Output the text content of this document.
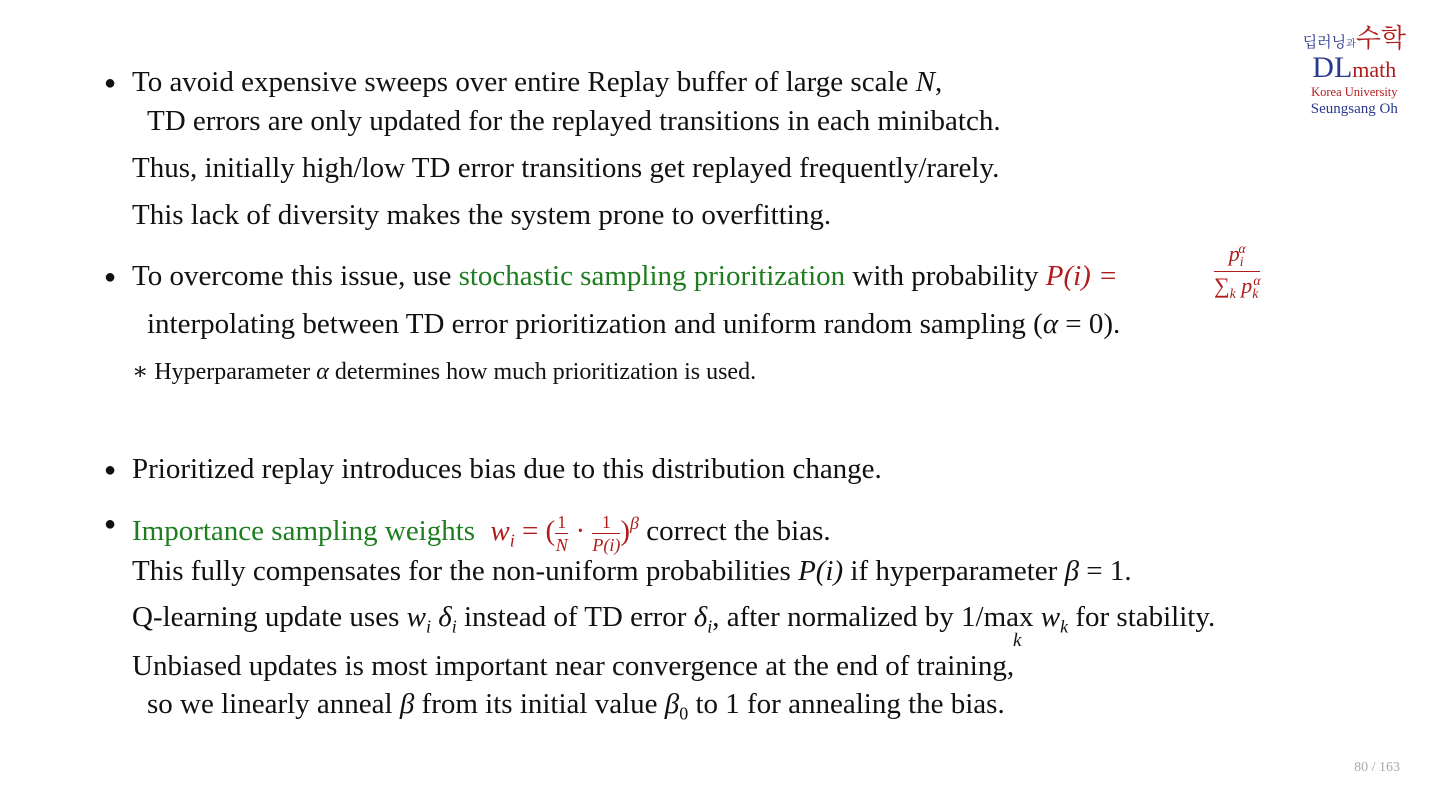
딥러닝과수학
DLmath
Korea University
Seungsang Oh
● To avoid expensive sweeps over entire Replay buffer of large scale N,
TD errors are only updated for the replayed transitions in each minibatch.
Thus, initially high/low TD error transitions get replayed frequently/rarely.
This lack of diversity makes the system prone to overfitting.
● To overcome this issue, use stochastic sampling prioritization with probability P(i) =	$\frac{p_i^\alpha}{\sum_k p_k^\alpha}$
interpolating between TD error prioritization and uniform random sampling (α = 0).
∗ Hyperparameter α determines how much prioritization is used.
● Prioritized replay introduces bias due to this distribution change.
● Importance sampling weights $w_i$ = ( $\frac{1}{N} \cdot \frac{1}{P(i)} )^\beta$ correct the bias.
This fully compensates for the non-uniform probabilities P(i) if hyperparameter β = 1.
Q-learning update uses $w_i$ $\delta_i$ instead of TD error $\delta_i$, after normalized by 1/max
k
$w_k$ for stability.
Unbiased updates is most important near convergence at the end of training,
so we linearly anneal β from its initial value $\beta_0$ to 1 for annealing the bias.
80 / 163
